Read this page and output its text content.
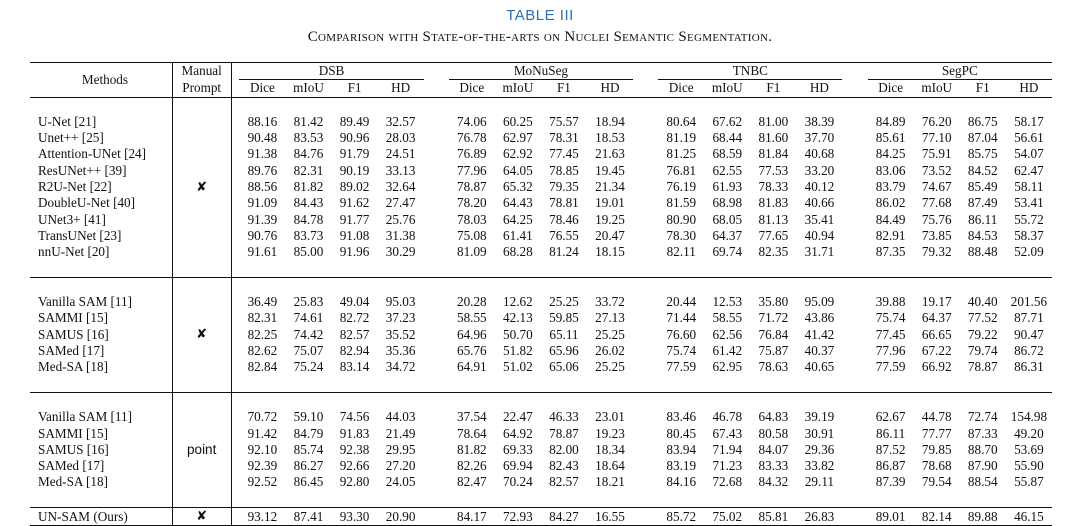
TABLE III
Comparison with State-of-the-arts on Nuclei Semantic Segmentation.
Methods	Manual		DSB					MoNuSeg					TNBC					SegPC			
	Prompt		Dice	mIoU	F1	HD		Dice	mIoU	F1	HD		Dice	mIoU	F1	HD		Dice	mIoU	F1	HD

U-Net [21]	✘		88.16	81.42	89.49	32.57		74.06	60.25	75.57	18.94		80.64	67.62	81.00	38.39		84.89	76.20	86.75	58.17
Unet++ [25]			90.48	83.53	90.96	28.03		76.78	62.97	78.31	18.53		81.19	68.44	81.60	37.70		85.61	77.10	87.04	56.61
Attention-UNet [24]			91.38	84.76	91.79	24.51		76.89	62.92	77.45	21.63		81.25	68.59	81.84	40.68		84.25	75.91	85.75	54.07
ResUNet++ [39]			89.76	82.31	90.19	33.13		77.96	64.05	78.85	19.45		76.81	62.55	77.53	33.20		83.06	73.52	84.52	62.47
R2U-Net [22]			88.56	81.82	89.02	32.64		78.87	65.32	79.35	21.34		76.19	61.93	78.33	40.12		83.79	74.67	85.49	58.11
DoubleU-Net [40]			91.09	84.43	91.62	27.47		78.20	64.43	78.81	19.01		81.59	68.98	81.83	40.66		86.02	77.68	87.49	53.41
UNet3+ [41]			91.39	84.78	91.77	25.76		78.03	64.25	78.46	19.25		80.90	68.05	81.13	35.41		84.49	75.76	86.11	55.72
TransUNet [23]			90.76	83.73	91.08	31.38		75.08	61.41	76.55	20.47		78.30	64.37	77.65	40.94		82.91	73.85	84.53	58.37
nnU-Net [20]			91.61	85.00	91.96	30.29		81.09	68.28	81.24	18.15		82.11	69.74	82.35	31.71		87.35	79.32	88.48	52.09

Vanilla SAM [11]	✘		36.49	25.83	49.04	95.03		20.28	12.62	25.25	33.72		20.44	12.53	35.80	95.09		39.88	19.17	40.40	201.56
SAMMI [15]			82.31	74.61	82.72	37.23		58.55	42.13	59.85	27.13		71.44	58.55	71.72	43.86		75.74	64.37	77.52	87.71
SAMUS [16]			82.25	74.42	82.57	35.52		64.96	50.70	65.11	25.25		76.60	62.56	76.84	41.42		77.45	66.65	79.22	90.47
SAMed [17]			82.62	75.07	82.94	35.36		65.76	51.82	65.96	26.02		75.74	61.42	75.87	40.37		77.96	67.22	79.74	86.72
Med-SA [18]			82.84	75.24	83.14	34.72		64.91	51.02	65.06	25.25		77.59	62.95	78.63	40.65		77.59	66.92	78.87	86.31

Vanilla SAM [11]	point		70.72	59.10	74.56	44.03		37.54	22.47	46.33	23.01		83.46	46.78	64.83	39.19		62.67	44.78	72.74	154.98
SAMMI [15]			91.42	84.79	91.83	21.49		78.64	64.92	78.87	19.23		80.45	67.43	80.58	30.91		86.11	77.77	87.33	49.20
SAMUS [16]			92.10	85.74	92.38	29.95		81.82	69.33	82.00	18.34		83.94	71.94	84.07	29.36		87.52	79.85	88.70	53.69
SAMed [17]			92.39	86.27	92.66	27.20		82.26	69.94	82.43	18.64		83.19	71.23	83.33	33.82		86.87	78.68	87.90	55.90
Med-SA [18]			92.52	86.45	92.80	24.05		82.47	70.24	82.57	18.21		84.16	72.68	84.32	29.11		87.39	79.54	88.54	55.87

UN-SAM (Ours)	✘		93.12	87.41	93.30	20.90		84.17	72.93	84.27	16.55		85.72	75.02	85.81	26.83		89.01	82.14	89.88	46.15
